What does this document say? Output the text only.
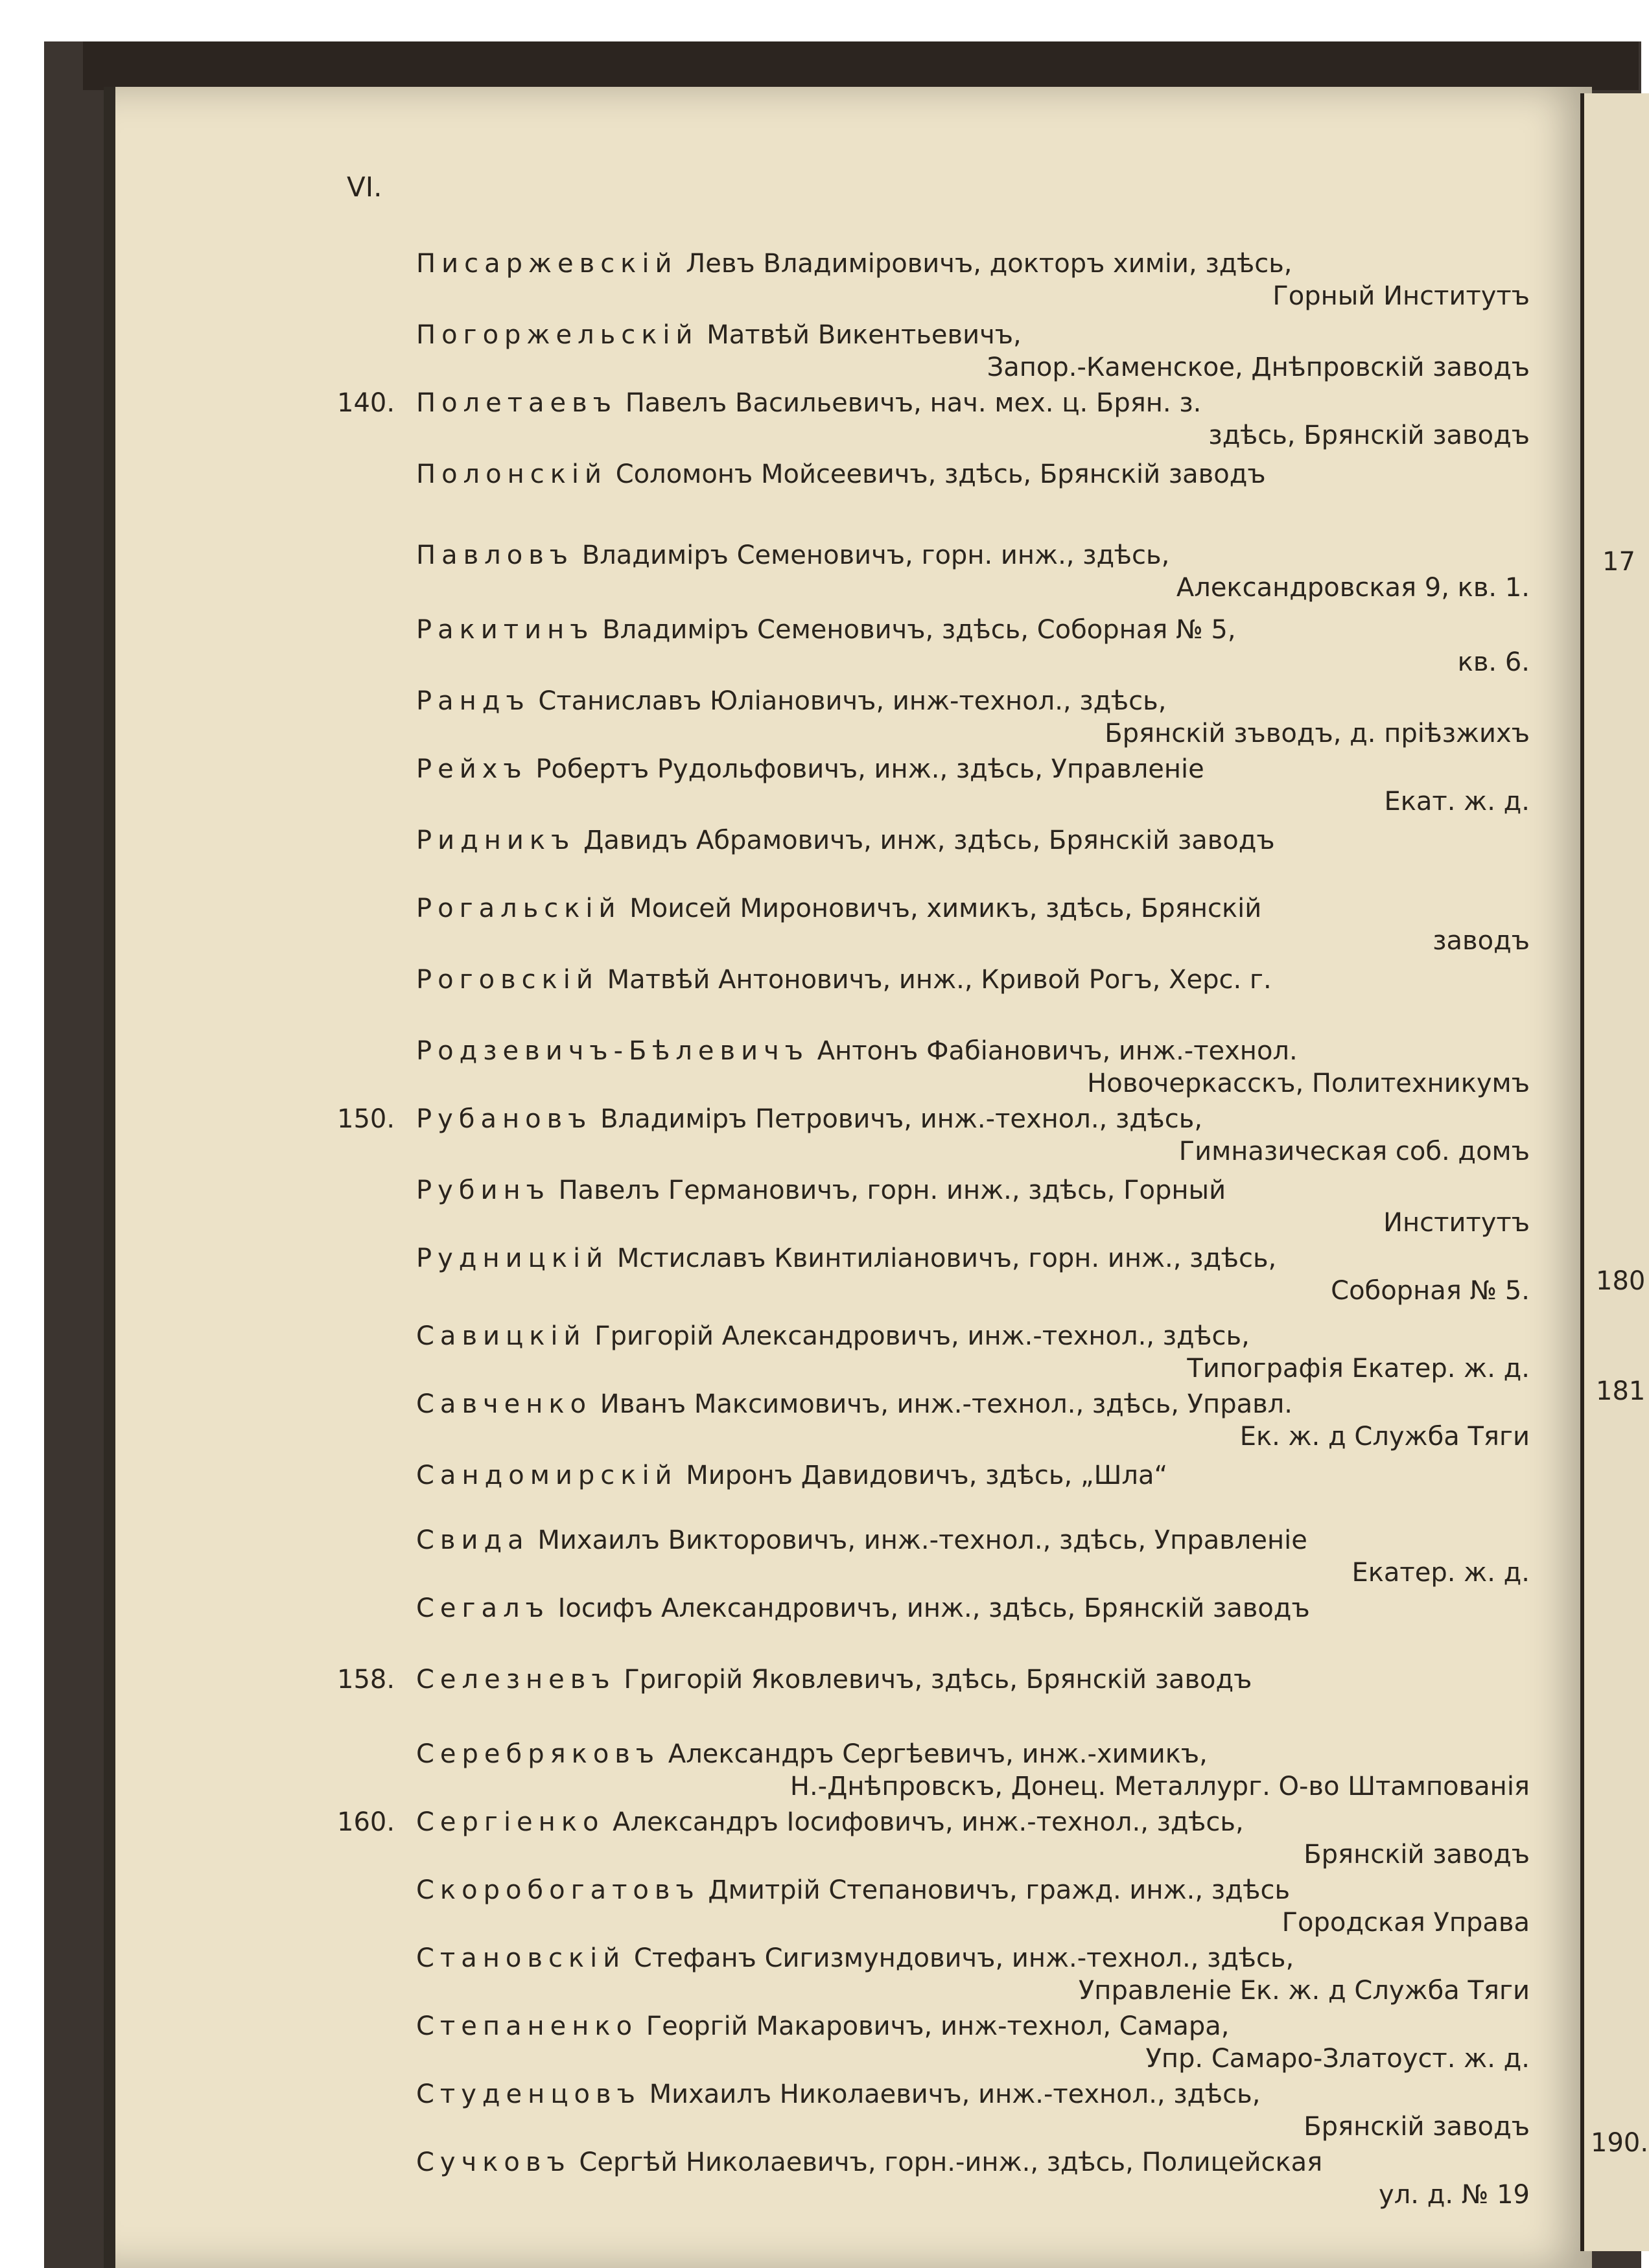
VI.
Писаржевскій Левъ Владиміровичъ, докторъ химіи, здѣсь,
Горный Институтъ
Погоржельскій Матвѣй Викентьевичъ,
Запор.-Каменское, Днѣпровскій заводъ
140. Полетаевъ Павелъ Васильевичъ, нач. мех. ц. Брян. з.
здѣсь, Брянскій заводъ
Полонскій Соломонъ Мойсеевичъ, здѣсь, Брянскій заводъ
Павловъ Владиміръ Семеновичъ, горн. инж., здѣсь,
Александровская 9, кв. 1.
Ракитинъ Владиміръ Семеновичъ, здѣсь, Соборная № 5,
кв. 6.
Рандъ Станиславъ Юліановичъ, инж-технол., здѣсь,
Брянскій зъводъ, д. пріѣзжихъ
Рейхъ Робертъ Рудольфовичъ, инж., здѣсь, Управленіе
Екат. ж. д.
Ридникъ Давидъ Абрамовичъ, инж, здѣсь, Брянскій заводъ
Рогальскій Моисей Мироновичъ, химикъ, здѣсь, Брянскій
заводъ
Роговскій Матвѣй Антоновичъ, инж., Кривой Рогъ, Херс. г.
Родзевичъ-Бѣлевичъ Антонъ Фабіановичъ, инж.-технол.
Новочеркасскъ, Политехникумъ
150. Рубановъ Владиміръ Петровичъ, инж.-технол., здѣсь,
Гимназическая соб. домъ
Рубинъ Павелъ Германовичъ, горн. инж., здѣсь, Горный
Институтъ
Рудницкій Мстиславъ Квинтиліановичъ, горн. инж., здѣсь,
Соборная № 5.
Савицкій Григорій Александровичъ, инж.-технол., здѣсь,
Типографія Екатер. ж. д.
Савченко Иванъ Максимовичъ, инж.-технол., здѣсь, Управл.
Ек. ж. д Служба Тяги
Сандомирскій Миронъ Давидовичъ, здѣсь, „Шла“
Свида Михаилъ Викторовичъ, инж.-технол., здѣсь, Управленіе
Екатер. ж. д.
Сегалъ Іосифъ Александровичъ, инж., здѣсь, Брянскій заводъ
158. Селезневъ Григорій Яковлевичъ, здѣсь, Брянскій заводъ
Серебряковъ Александръ Сергѣевичъ, инж.-химикъ,
Н.-Днѣпровскъ, Донец. Металлург. О-во Штампованія
160. Сергіенко Александръ Іосифовичъ, инж.-технол., здѣсь,
Брянскій заводъ
Скоробогатовъ Дмитрій Степановичъ, гражд. инж., здѣсь
Городская Управа
Становскій Стефанъ Сигизмундовичъ, инж.-технол., здѣсь,
Управленіе Ек. ж. д Служба Тяги
Степаненко Георгій Макаровичъ, инж-технол, Самара,
Упр. Самаро-Златоуст. ж. д.
Студенцовъ Михаилъ Николаевичъ, инж.-технол., здѣсь,
Брянскій заводъ
Сучковъ Сергѣй Николаевичъ, горн.-инж., здѣсь, Полицейская
ул. д. № 19
17
180
181
190.
